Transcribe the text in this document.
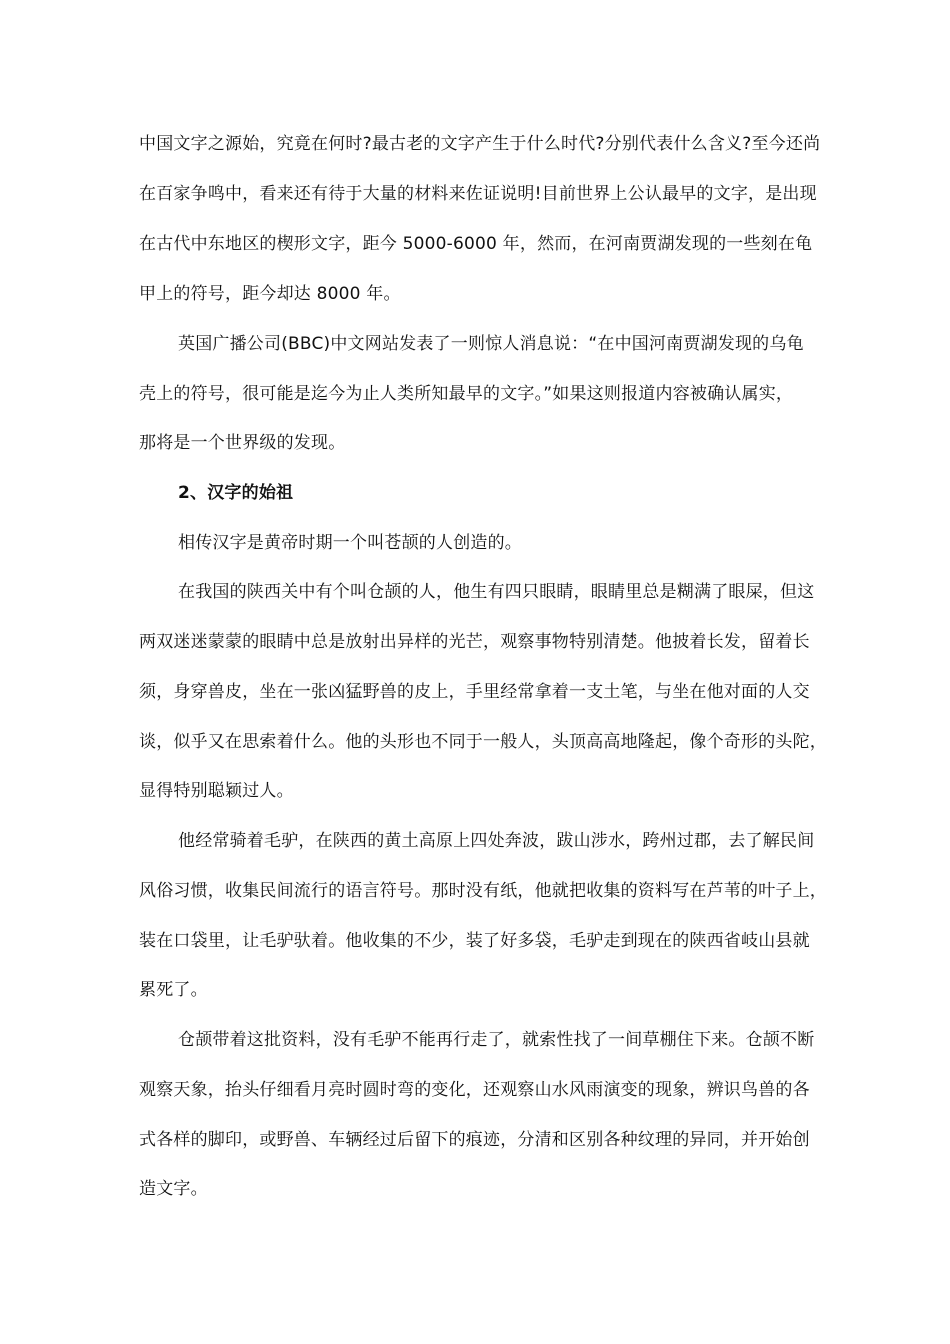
中国文字之源始，究竟在何时?最古老的文字产生于什么时代?分别代表什么含义?至今还尚

在百家争鸣中，看来还有待于大量的材料来佐证说明!目前世界上公认最早的文字，是出现

在古代中东地区的楔形文字，距今 5000-6000 年，然而，在河南贾湖发现的一些刻在龟

甲上的符号，距今却达 8000 年。

英国广播公司(BBC)中文网站发表了一则惊人消息说：“在中国河南贾湖发现的乌龟

壳上的符号，很可能是迄今为止人类所知最早的文字。”如果这则报道内容被确认属实，

那将是一个世界级的发现。

2、汉字的始祖

相传汉字是黄帝时期一个叫苍颉的人创造的。

在我国的陕西关中有个叫仓颉的人，他生有四只眼睛，眼睛里总是糊满了眼屎，但这

两双迷迷蒙蒙的眼睛中总是放射出异样的光芒，观察事物特别清楚。他披着长发，留着长

须，身穿兽皮，坐在一张凶猛野兽的皮上，手里经常拿着一支土笔，与坐在他对面的人交

谈，似乎又在思索着什么。他的头形也不同于一般人，头顶高高地隆起，像个奇形的头陀，

显得特别聪颖过人。

他经常骑着毛驴，在陕西的黄土高原上四处奔波，跋山涉水，跨州过郡，去了解民间

风俗习惯，收集民间流行的语言符号。那时没有纸，他就把收集的资料写在芦苇的叶子上，

装在口袋里，让毛驴驮着。他收集的不少，装了好多袋，毛驴走到现在的陕西省岐山县就

累死了。

仓颉带着这批资料，没有毛驴不能再行走了，就索性找了一间草棚住下来。仓颉不断

观察天象，抬头仔细看月亮时圆时弯的变化，还观察山水风雨演变的现象，辨识鸟兽的各

式各样的脚印，或野兽、车辆经过后留下的痕迹，分清和区别各种纹理的异同，并开始创

造文字。
